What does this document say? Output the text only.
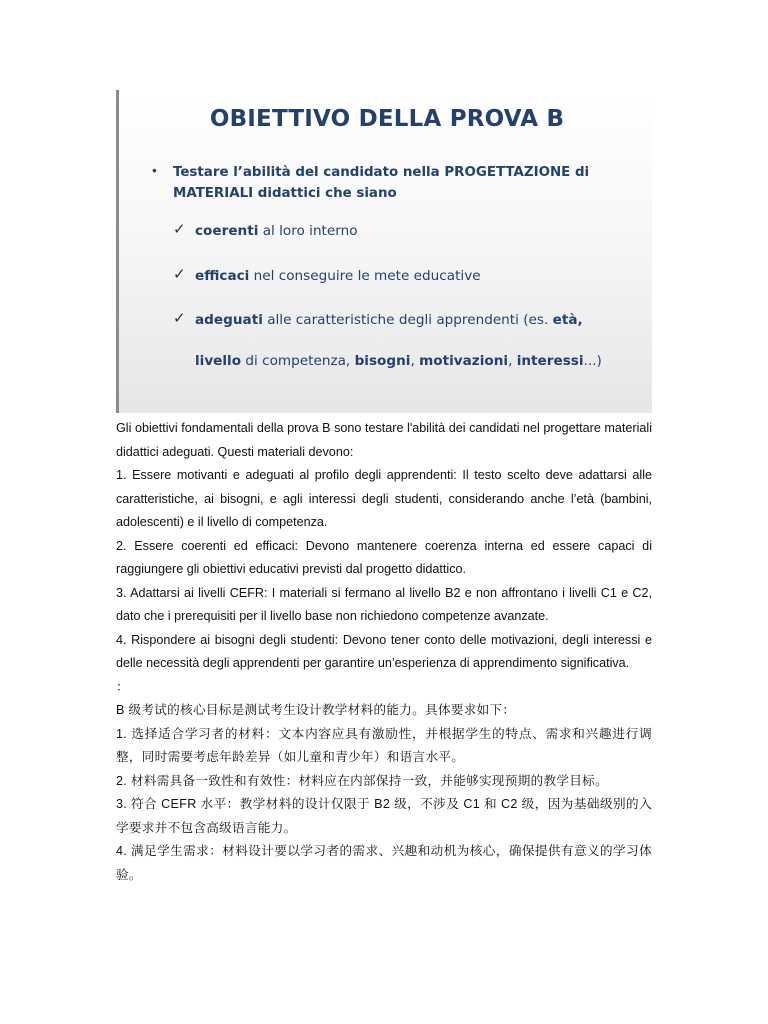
OBIETTIVO DELLA PROVA B
• Testare l’abilità del candidato nella PROGETTAZIONE di MATERIALI didattici che siano
✓ coerenti al loro interno
✓ efficaci nel conseguire le mete educative
✓ adeguati alle caratteristiche degli apprendenti (es. età,
livello di competenza, bisogni, motivazioni, interessi...)

Gli obiettivi fondamentali della prova B sono testare l'abilità dei candidati nel progettare materiali didattici adeguati. Questi materiali devono:

1. Essere motivanti e adeguati al profilo degli apprendenti: Il testo scelto deve adattarsi alle caratteristiche, ai bisogni, e agli interessi degli studenti, considerando anche l’età (bambini, adolescenti) e il livello di competenza.

2. Essere coerenti ed efficaci: Devono mantenere coerenza interna ed essere capaci di raggiungere gli obiettivi educativi previsti dal progetto didattico.

3. Adattarsi ai livelli CEFR: I materiali si fermano al livello B2 e non affrontano i livelli C1 e C2, dato che i prerequisiti per il livello base non richiedono competenze avanzate.

4. Rispondere ai bisogni degli studenti: Devono tener conto delle motivazioni, degli interessi e delle necessità degli apprendenti per garantire un’esperienza di apprendimento significativa.

：

B 级考试的核心目标是测试考生设计教学材料的能力。具体要求如下：

1. 选择适合学习者的材料：文本内容应具有激励性，并根据学生的特点、需求和兴趣进行调整，同时需要考虑年龄差异（如儿童和青少年）和语言水平。

2. 材料需具备一致性和有效性：材料应在内部保持一致，并能够实现预期的教学目标。

3. 符合 CEFR 水平：教学材料的设计仅限于 B2 级，不涉及 C1 和 C2 级，因为基础级别的入学要求并不包含高级语言能力。

4. 满足学生需求：材料设计要以学习者的需求、兴趣和动机为核心，确保提供有意义的学习体验。
